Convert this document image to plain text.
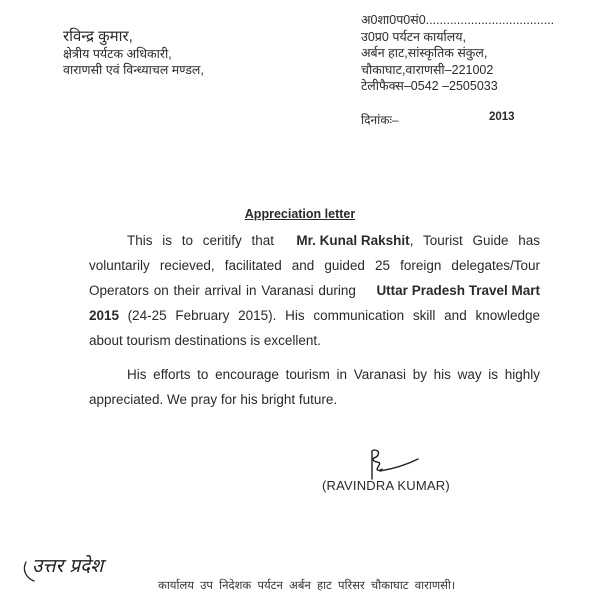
रविन्द्र कुमार,
क्षेत्रीय पर्यटक अधिकारी,
वाराणसी एवं विन्ध्याचल मण्डल,
अ0शा0प0सं0.....................................
उ0प्र0 पर्यटन कार्यालय,
अर्बन हाट,सांस्कृतिक संकुल,
चौकाघाट,वाराणसी–221002
टेलीफैक्स–0542 –2505033
दिनांकः–	2013
Appreciation letter
This is to ceritify that Mr. Kunal Rakshit, Tourist Guide has
voluntarily recieved, facilitated and guided 25 foreign delegates/Tour
Operators on their arrival in Varanasi during Uttar Pradesh Travel Mart
2015 (24-25 February 2015). His communication skill and knowledge
about tourism destinations is excellent.
His efforts to encourage tourism in Varanasi by his way is highly
appreciated. We pray for his bright future.
(RAVINDRA KUMAR)
उत्तर प्रदेश
कार्यालय उप निदेशक पर्यटन अर्बन हाट परिसर चौकाघाट वाराणसी।
